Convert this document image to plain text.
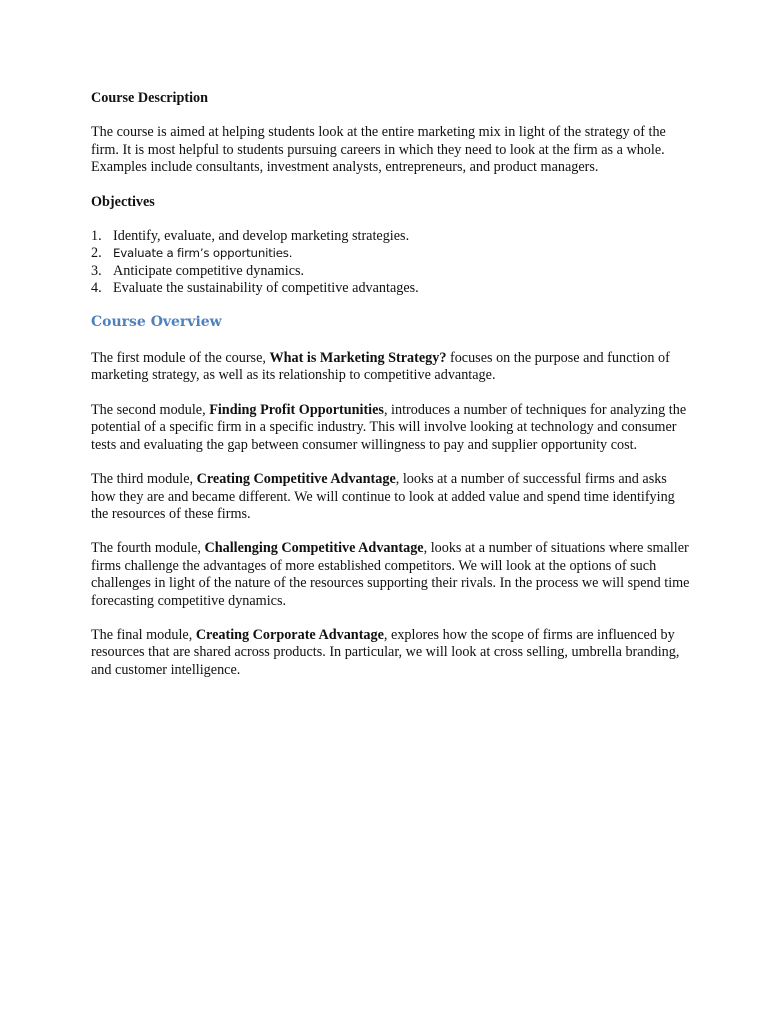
Course Description

The course is aimed at helping students look at the entire marketing mix in light of the strategy of the firm. It is most helpful to students pursuing careers in which they need to look at the firm as a whole. Examples include consultants, investment analysts, entrepreneurs, and product managers.

Objectives
1. Identify, evaluate, and develop marketing strategies.
2. Evaluate a firm’s opportunities.
3. Anticipate competitive dynamics.
4. Evaluate the sustainability of competitive advantages.
Course Overview

The first module of the course, What is Marketing Strategy? focuses on the purpose and function of marketing strategy, as well as its relationship to competitive advantage.

The second module, Finding Profit Opportunities, introduces a number of techniques for analyzing the potential of a specific firm in a specific industry. This will involve looking at technology and consumer tests and evaluating the gap between consumer willingness to pay and supplier opportunity cost.

The third module, Creating Competitive Advantage, looks at a number of successful firms and asks how they are and became different. We will continue to look at added value and spend time identifying the resources of these firms.

The fourth module, Challenging Competitive Advantage, looks at a number of situations where smaller firms challenge the advantages of more established competitors. We will look at the options of such challenges in light of the nature of the resources supporting their rivals. In the process we will spend time forecasting competitive dynamics.

The final module, Creating Corporate Advantage, explores how the scope of firms are influenced by resources that are shared across products. In particular, we will look at cross selling, umbrella branding, and customer intelligence.
